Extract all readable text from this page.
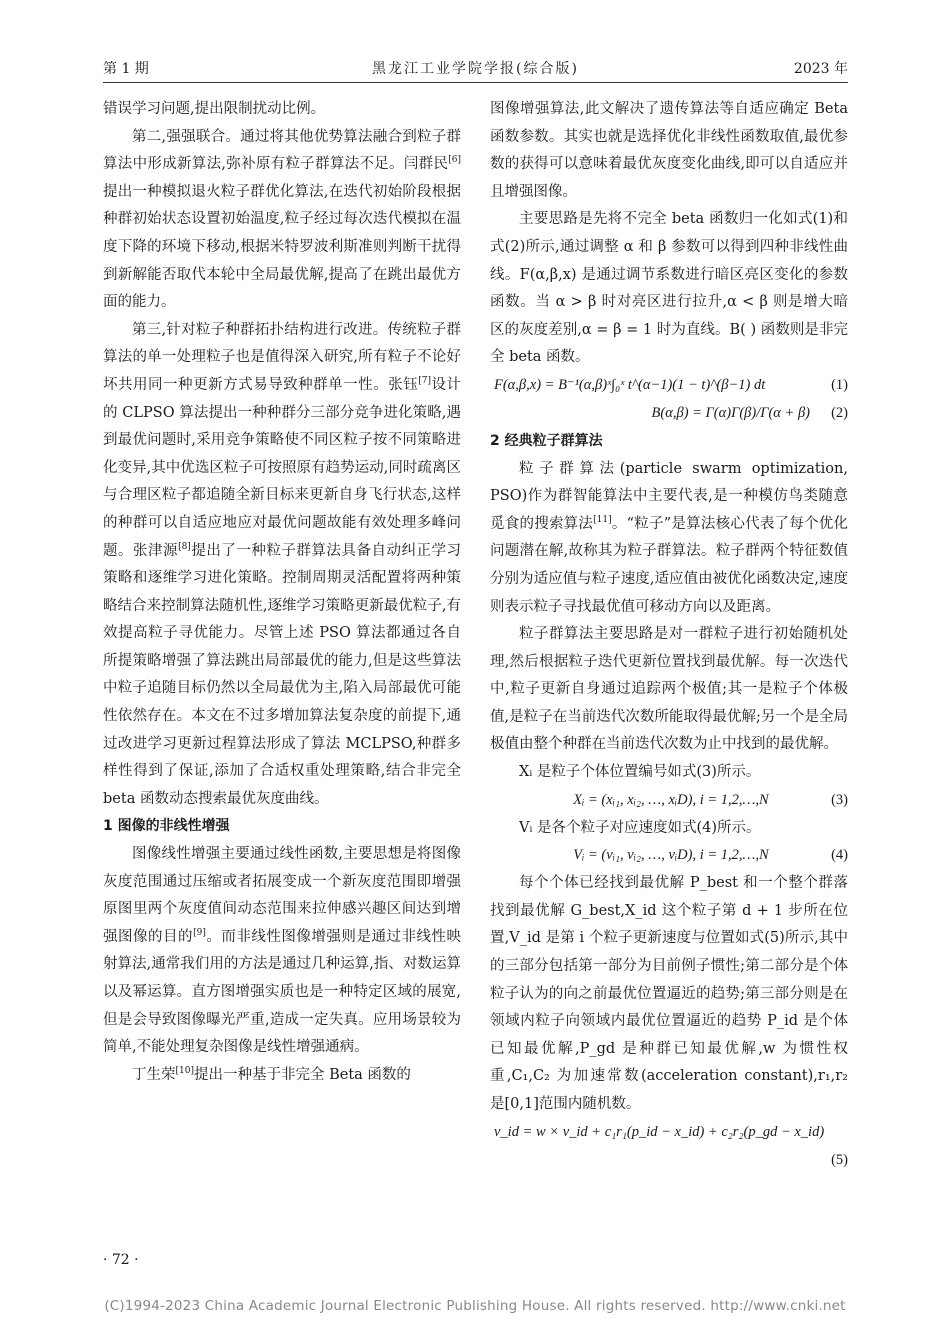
第 1 期	黑龙江工业学院学报(综合版)	2023 年

错误学习问题,提出限制扰动比例。

第二,强强联合。通过将其他优势算法融合到粒子群算法中形成新算法,弥补原有粒子群算法不足。闫群民[6]提出一种模拟退火粒子群优化算法,在迭代初始阶段根据种群初始状态设置初始温度,粒子经过每次迭代模拟在温度下降的环境下移动,根据米特罗波利斯准则判断干扰得到新解能否取代本轮中全局最优解,提高了在跳出最优方面的能力。

第三,针对粒子种群拓扑结构进行改进。传统粒子群算法的单一处理粒子也是值得深入研究,所有粒子不论好坏共用同一种更新方式易导致种群单一性。张钰[7]设计的 CLPSO 算法提出一种种群分三部分竞争进化策略,遇到最优问题时,采用竞争策略使不同区粒子按不同策略进化变异,其中优选区粒子可按照原有趋势运动,同时疏离区与合理区粒子都追随全新目标来更新自身飞行状态,这样的种群可以自适应地应对最优问题故能有效处理多峰问题。张津源[8]提出了一种粒子群算法具备自动纠正学习策略和逐维学习进化策略。控制周期灵活配置将两种策略结合来控制算法随机性,逐维学习策略更新最优粒子,有效提高粒子寻优能力。尽管上述 PSO 算法都通过各自所提策略增强了算法跳出局部最优的能力,但是这些算法中粒子追随目标仍然以全局最优为主,陷入局部最优可能性依然存在。本文在不过多增加算法复杂度的前提下,通过改进学习更新过程算法形成了算法 MCLPSO,种群多样性得到了保证,添加了合适权重处理策略,结合非完全 beta 函数动态搜索最优灰度曲线。

1 图像的非线性增强

图像线性增强主要通过线性函数,主要思想是将图像灰度范围通过压缩或者拓展变成一个新灰度范围即增强原图里两个灰度值间动态范围来拉伸感兴趣区间达到增强图像的目的[9]。而非线性图像增强则是通过非线性映射算法,通常我们用的方法是通过几种运算,指、对数运算以及幂运算。直方图增强实质也是一种特定区域的展宽,但是会导致图像曝光严重,造成一定失真。应用场景较为简单,不能处理复杂图像是线性增强通病。

丁生荣[10]提出一种基于非完全 Beta 函数的

图像增强算法,此文解决了遗传算法等自适应确定 Beta 函数参数。其实也就是选择优化非线性函数取值,最优参数的获得可以意味着最优灰度变化曲线,即可以自适应并且增强图像。

主要思路是先将不完全 beta 函数归一化如式(1)和式(2)所示,通过调整 α 和 β 参数可以得到四种非线性曲线。F(α,β,x) 是通过调节系数进行暗区亮区变化的参数函数。当 α > β 时对亮区进行拉升,α < β 则是增大暗区的灰度差别,α = β = 1 时为直线。B( ) 函数则是非完全 beta 函数。

F(α,β,x) = B⁻¹(α,β)ˣ∫₀ˣ t^(α−1)(1 − t)^(β−1) dt	(1)

B(α,β) = Γ(α)Γ(β)/Γ(α + β) (2)

2 经典粒子群算法

粒子群算法(particle swarm optimization, PSO)作为群智能算法中主要代表,是一种模仿鸟类随意觅食的搜索算法[11]。“粒子”是算法核心代表了每个优化问题潜在解,故称其为粒子群算法。粒子群两个特征数值分别为适应值与粒子速度,适应值由被优化函数决定,速度则表示粒子寻找最优值可移动方向以及距离。

粒子群算法主要思路是对一群粒子进行初始随机处理,然后根据粒子迭代更新位置找到最优解。每一次迭代中,粒子更新自身通过追踪两个极值;其一是粒子个体极值,是粒子在当前迭代次数所能取得最优解;另一个是全局极值由整个种群在当前迭代次数为止中找到的最优解。

Xᵢ 是粒子个体位置编号如式(3)所示。

Xᵢ = (xᵢ₁, xᵢ₂, …, xᵢD), i = 1,2,…,N	(3)

Vᵢ 是各个粒子对应速度如式(4)所示。

Vᵢ = (vᵢ₁, vᵢ₂, …, vᵢD), i = 1,2,…,N	(4)

每个个体已经找到最优解 P_best 和一个整个群落找到最优解 G_best,X_id 这个粒子第 d + 1 步所在位置,V_id 是第 i 个粒子更新速度与位置如式(5)所示,其中的三部分包括第一部分为目前例子惯性;第二部分是个体粒子认为的向之前最优位置逼近的趋势;第三部分则是在领域内粒子向领域内最优位置逼近的趋势 P_id 是个体已知最优解,P_gd 是种群已知最优解,w 为惯性权重,C₁,C₂ 为加速常数(acceleration constant),r₁,r₂ 是[0,1]范围内随机数。

v_id = w × v_id + c₁r₁(p_id − x_id) + c₂r₂(p_gd − x_id)

(5)

· 72 ·
(C)1994-2023 China Academic Journal Electronic Publishing House. All rights reserved. http://www.cnki.net
